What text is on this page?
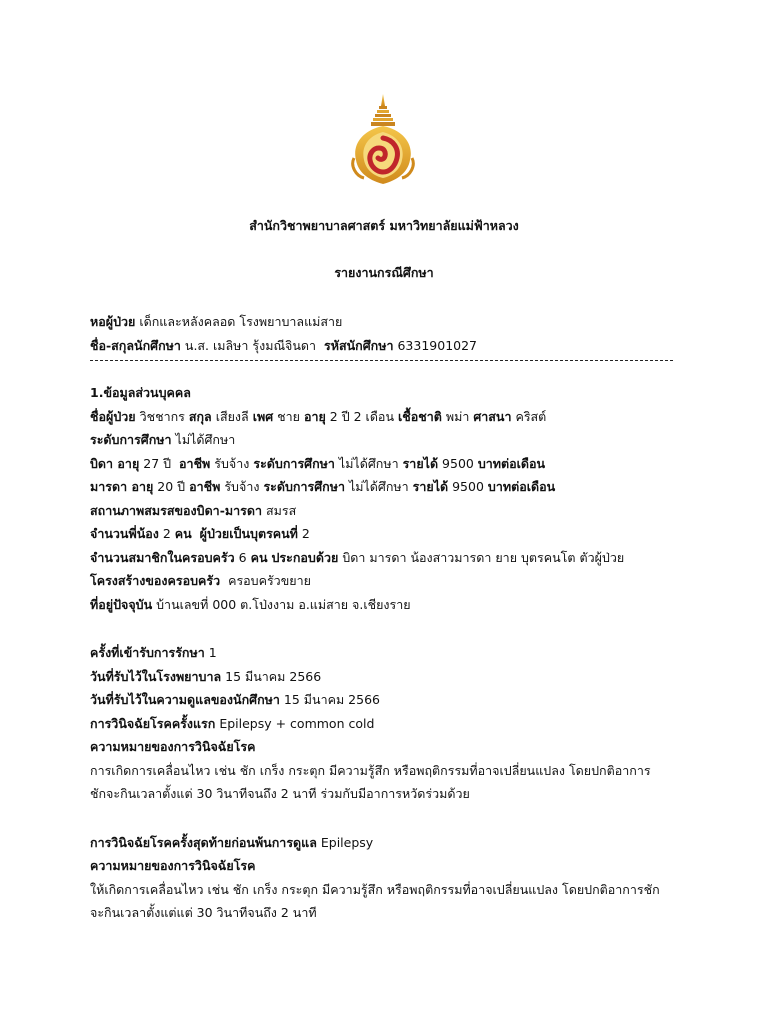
สำนักวิชาพยาบาลศาสตร์ มหาวิทยาลัยแม่ฟ้าหลวง
รายงานกรณีศึกษา
หอผู้ป่วย เด็กและหลังคลอด โรงพยาบาลแม่สาย
ชื่อ-สกุลนักศึกษา น.ส. เมลิษา รุ้งมณีจินดา รหัสนักศึกษา 6331901027
1.ข้อมูลส่วนบุคคล
ชื่อผู้ป่วย วิชชากร สกุล เสียงลี เพศ ชาย อายุ 2 ปี 2 เดือน เชื้อชาติ พม่า ศาสนา คริสต์
ระดับการศึกษา ไม่ได้ศึกษา
บิดา อายุ 27 ปี อาชีพ รับจ้าง ระดับการศึกษา ไม่ได้ศึกษา รายได้ 9500 บาทต่อเดือน
มารดา อายุ 20 ปี อาชีพ รับจ้าง ระดับการศึกษา ไม่ได้ศึกษา รายได้ 9500 บาทต่อเดือน
สถานภาพสมรสของบิดา-มารดา สมรส
จำนวนพี่น้อง 2 คน ผู้ป่วยเป็นบุตรคนที่ 2
จำนวนสมาชิกในครอบครัว 6 คน ประกอบด้วย บิดา มารดา น้องสาวมารดา ยาย บุตรคนโต ตัวผู้ป่วย
โครงสร้างของครอบครัว ครอบครัวขยาย
ที่อยู่ปัจจุบัน บ้านเลขที่ 000 ต.โป่งงาม อ.แม่สาย จ.เชียงราย
ครั้งที่เข้ารับการรักษา 1
วันที่รับไว้ในโรงพยาบาล 15 มีนาคม 2566
วันที่รับไว้ในความดูแลของนักศึกษา 15 มีนาคม 2566
การวินิจฉัยโรคครั้งแรก Epilepsy + common cold
ความหมายของการวินิจฉัยโรค
การเกิดการเคลื่อนไหว เช่น ชัก เกร็ง กระตุก มีความรู้สึก หรือพฤติกรรมที่อาจเปลี่ยนแปลง โดยปกติอาการ
ชักจะกินเวลาตั้งแต่ 30 วินาทีจนถึง 2 นาที ร่วมกับมีอาการหวัดร่วมด้วย
การวินิจฉัยโรคครั้งสุดท้ายก่อนพ้นการดูแล Epilepsy
ความหมายของการวินิจฉัยโรค
ให้เกิดการเคลื่อนไหว เช่น ชัก เกร็ง กระตุก มีความรู้สึก หรือพฤติกรรมที่อาจเปลี่ยนแปลง โดยปกติอาการชัก
จะกินเวลาตั้งแต่แต่ 30 วินาทีจนถึง 2 นาที
